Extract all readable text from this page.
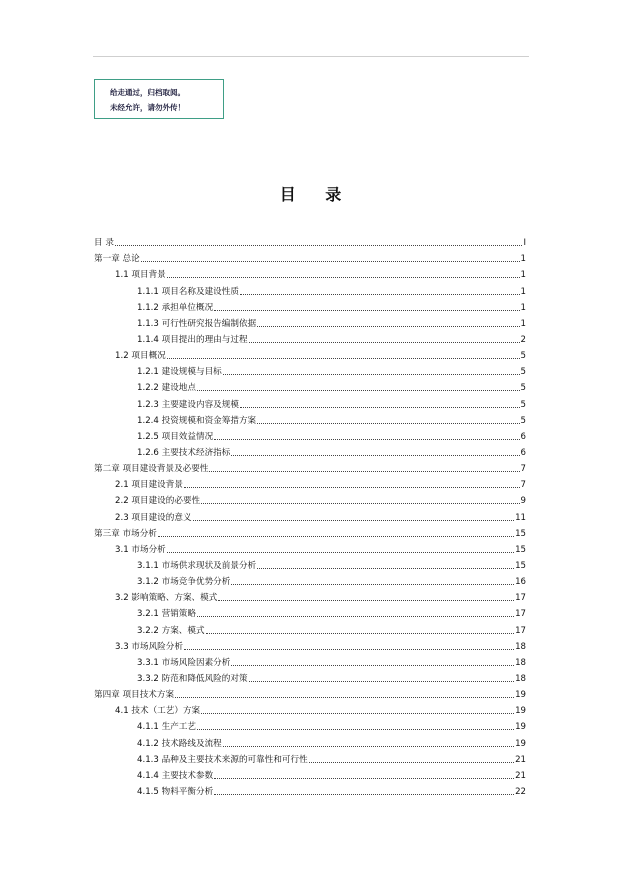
给走通过，归档取阅。
未经允许，请勿外传！
目 录
目 录	I
第一章 总论	1
1.1 项目背景	1
1.1.1 项目名称及建设性质	1
1.1.2 承担单位概况	1
1.1.3 可行性研究报告编制依据	1
1.1.4 项目提出的理由与过程	2
1.2 项目概况	5
1.2.1 建设规模与目标	5
1.2.2 建设地点	5
1.2.3 主要建设内容及规模	5
1.2.4 投资规模和资金筹措方案	5
1.2.5 项目效益情况	6
1.2.6 主要技术经济指标	6
第二章 项目建设背景及必要性	7
2.1 项目建设背景	7
2.2 项目建设的必要性	9
2.3 项目建设的意义	11
第三章 市场分析	15
3.1 市场分析	15
3.1.1 市场供求现状及前景分析	15
3.1.2 市场竞争优势分析	16
3.2 影响策略、方案、模式	17
3.2.1 营销策略	17
3.2.2 方案、模式	17
3.3 市场风险分析	18
3.3.1 市场风险因素分析	18
3.3.2 防范和降低风险的对策	18
第四章 项目技术方案	19
4.1 技术（工艺）方案	19
4.1.1 生产工艺	19
4.1.2 技术路线及流程	19
4.1.3 品种及主要技术来源的可靠性和可行性	21
4.1.4 主要技术参数	21
4.1.5 物料平衡分析	22
